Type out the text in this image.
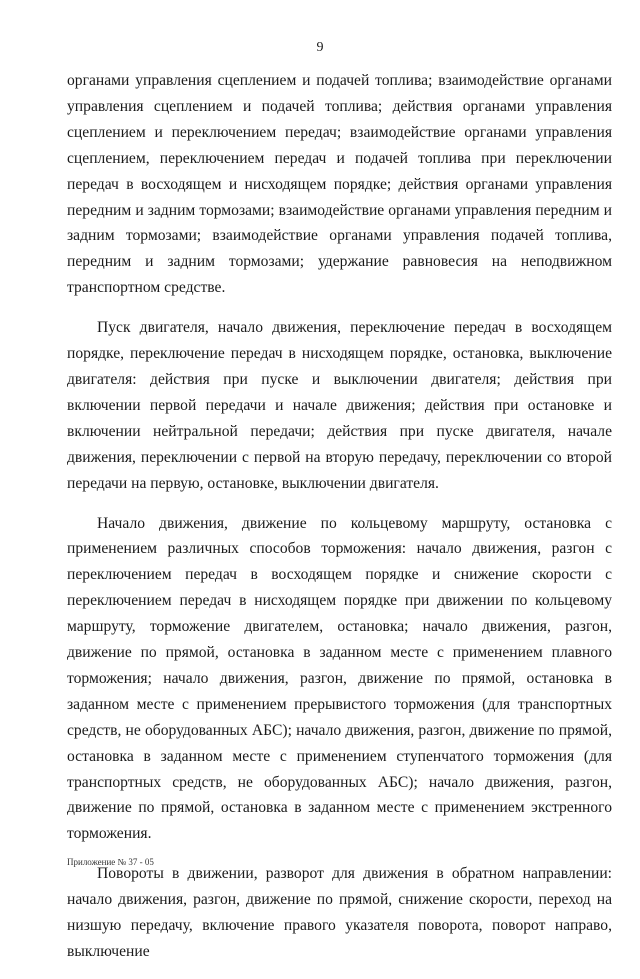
9

органами управления сцеплением и подачей топлива; взаимодействие органами управления сцеплением и подачей топлива; действия органами управления сцеплением и переключением передач; взаимодействие органами управления сцеплением, переключением передач и подачей топлива при переключении передач в восходящем и нисходящем порядке; действия органами управления передним и задним тормозами; взаимодействие органами управления передним и задним тормозами; взаимодействие органами управления подачей топлива, передним и задним тормозами; удержание равновесия на неподвижном транспортном средстве.

Пуск двигателя, начало движения, переключение передач в восходящем порядке, переключение передач в нисходящем порядке, остановка, выключение двигателя: действия при пуске и выключении двигателя; действия при включении первой передачи и начале движения; действия при остановке и включении нейтральной передачи; действия при пуске двигателя, начале движения, переключении с первой на вторую передачу, переключении со второй передачи на первую, остановке, выключении двигателя.

Начало движения, движение по кольцевому маршруту, остановка с применением различных способов торможения: начало движения, разгон с переключением передач в восходящем порядке и снижение скорости с переключением передач в нисходящем порядке при движении по кольцевому маршруту, торможение двигателем, остановка; начало движения, разгон, движение по прямой, остановка в заданном месте с применением плавного торможения; начало движения, разгон, движение по прямой, остановка в заданном месте с применением прерывистого торможения (для транспортных средств, не оборудованных АБС); начало движения, разгон, движение по прямой, остановка в заданном месте с применением ступенчатого торможения (для транспортных средств, не оборудованных АБС); начало движения, разгон, движение по прямой, остановка в заданном месте с применением экстренного торможения.

Повороты в движении, разворот для движения в обратном направлении: начало движения, разгон, движение по прямой, снижение скорости, переход на низшую передачу, включение правого указателя поворота, поворот направо, выключение

Приложение № 37 - 05
